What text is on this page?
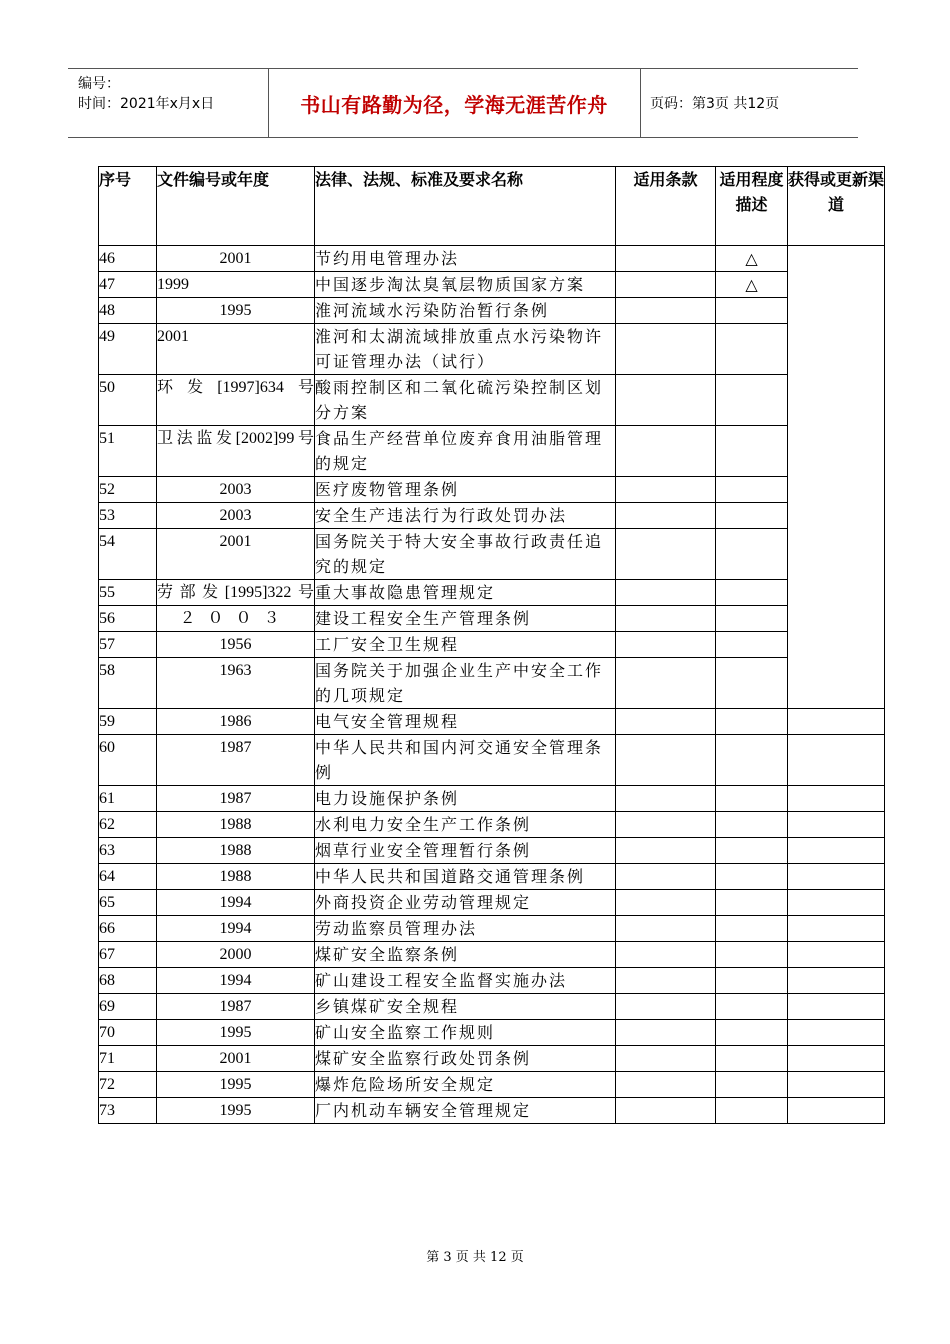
编号：
时间：2021年x月x日	书山有路勤为径，学海无涯苦作舟	页码：第3页 共12页
序号	文件编号或年度	法律、法规、标准及要求名称	适用条款	适用程度描述	获得或更新渠道
46	2001	节约用电管理办法		△	
47	1999	中国逐步淘汰臭氧层物质国家方案		△	
48	1995	淮河流域水污染防治暂行条例			
49	2001	淮河和太湖流域排放重点水污染物许可证管理办法（试行）			
50	环发[1997]634号	酸雨控制区和二氧化硫污染控制区划分方案			
51	卫法监发[2002]99号	食品生产经营单位废弃食用油脂管理的规定			
52	2003	医疗废物管理条例			
53	2003	安全生产违法行为行政处罚办法			
54	2001	国务院关于特大安全事故行政责任追究的规定			
55	劳部发[1995]322号	重大事故隐患管理规定			
56	２００３	建设工程安全生产管理条例			
57	1956	工厂安全卫生规程			
58	1963	国务院关于加强企业生产中安全工作的几项规定			
59	1986	电气安全管理规程			
60	1987	中华人民共和国内河交通安全管理条例			
61	1987	电力设施保护条例			
62	1988	水利电力安全生产工作条例			
63	1988	烟草行业安全管理暂行条例			
64	1988	中华人民共和国道路交通管理条例			
65	1994	外商投资企业劳动管理规定			
66	1994	劳动监察员管理办法			
67	2000	煤矿安全监察条例			
68	1994	矿山建设工程安全监督实施办法			
69	1987	乡镇煤矿安全规程			
70	1995	矿山安全监察工作规则			
71	2001	煤矿安全监察行政处罚条例			
72	1995	爆炸危险场所安全规定			
73	1995	厂内机动车辆安全管理规定			
第 3 页 共 12 页
